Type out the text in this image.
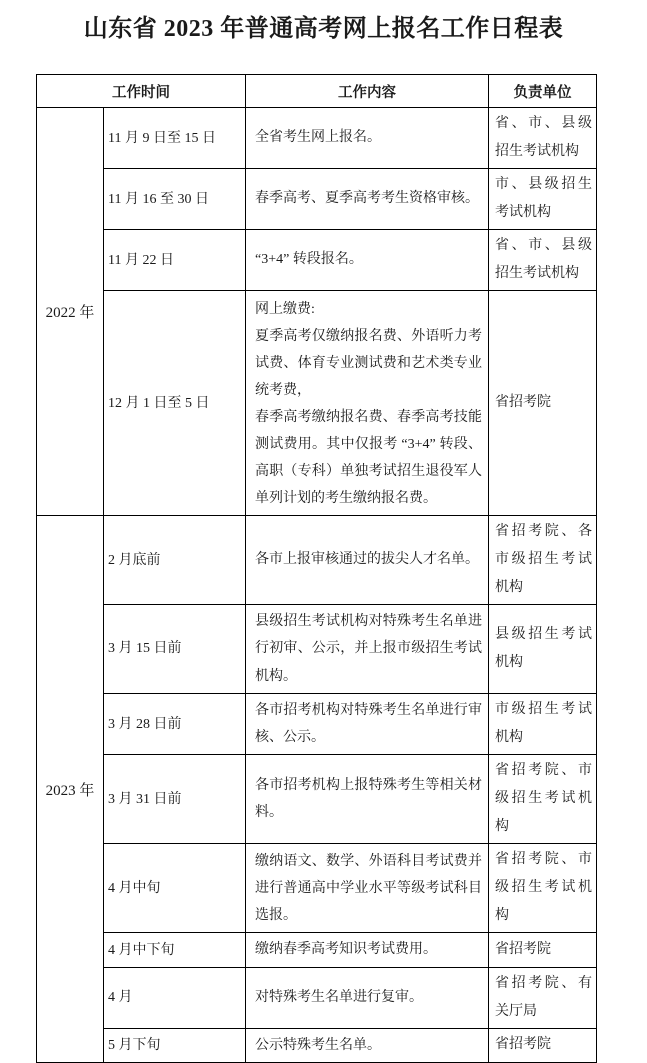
山东省 2023 年普通高考网上报名工作日程表
工作时间		工作内容	负责单位
2022 年	11 月 9 日至 15 日	全省考生网上报名。	省、市、县级招生考试机构
	11 月 16 至 30 日	春季高考、夏季高考考生资格审核。	市、县级招生考试机构
	11 月 22 日	“3+4” 转段报名。	省、市、县级招生考试机构
	12 月 1 日至 5 日	网上缴费:
夏季高考仅缴纳报名费、外语听力考试费、体育专业测试费和艺术类专业统考费，
春季高考缴纳报名费、春季高考技能测试费用。其中仅报考 “3+4” 转段、高职（专科）单独考试招生退役军人单列计划的考生缴纳报名费。	省招考院
2023 年	2 月底前	各市上报审核通过的拔尖人才名单。	省招考院、各市级招生考试机构
	3 月 15 日前	县级招生考试机构对特殊考生名单进行初审、公示，并上报市级招生考试机构。	县级招生考试机构
	3 月 28 日前	各市招考机构对特殊考生名单进行审核、公示。	市级招生考试机构
	3 月 31 日前	各市招考机构上报特殊考生等相关材料。	省招考院、市级招生考试机构
	4 月中旬	缴纳语文、数学、外语科目考试费并进行普通高中学业水平等级考试科目选报。	省招考院、市级招生考试机构
	4 月中下旬	缴纳春季高考知识考试费用。	省招考院
	4 月	对特殊考生名单进行复审。	省招考院、有关厅局
	5 月下旬	公示特殊考生名单。	省招考院
